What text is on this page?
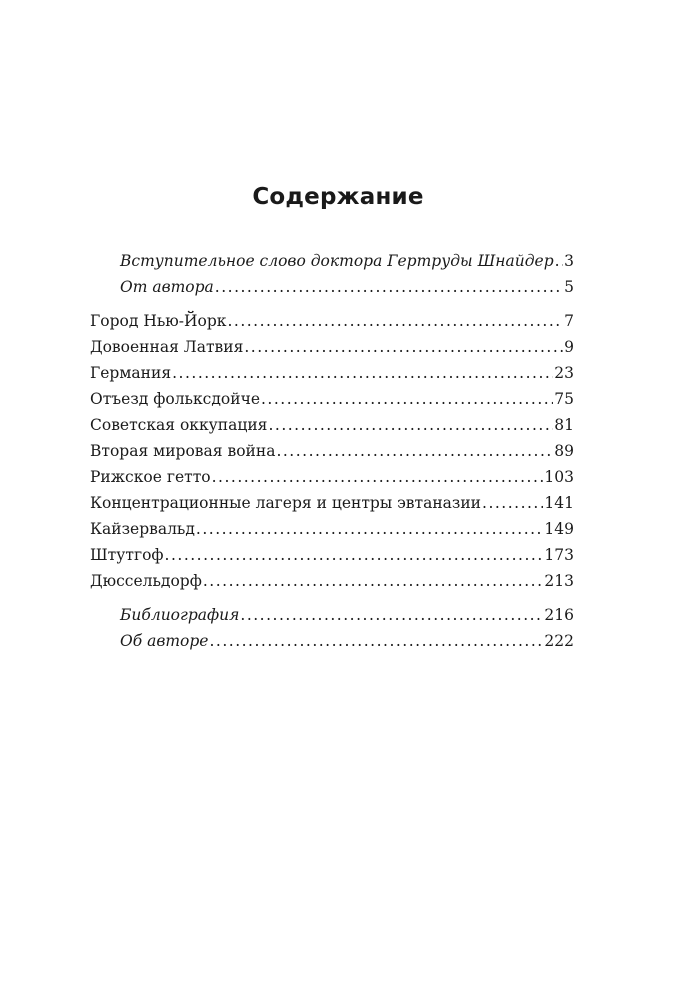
Содержание
Вступительное слово доктора Гертруды Шнайдер ..... 3
От автора .....	5
Город Нью-Йорк .....	7
Довоенная Латвия .....	9
Германия .....	23
Отъезд фольксдойче .....	75
Советская оккупация .....	81
Вторая мировая война .....	89
Рижское гетто .....	103
Концентрационные лагеря и центры эвтаназии .....	141
Кайзервальд .....	149
Штутгоф .....	173
Дюссельдорф .....	213
Библиография .....	216
Об авторе .....	222
